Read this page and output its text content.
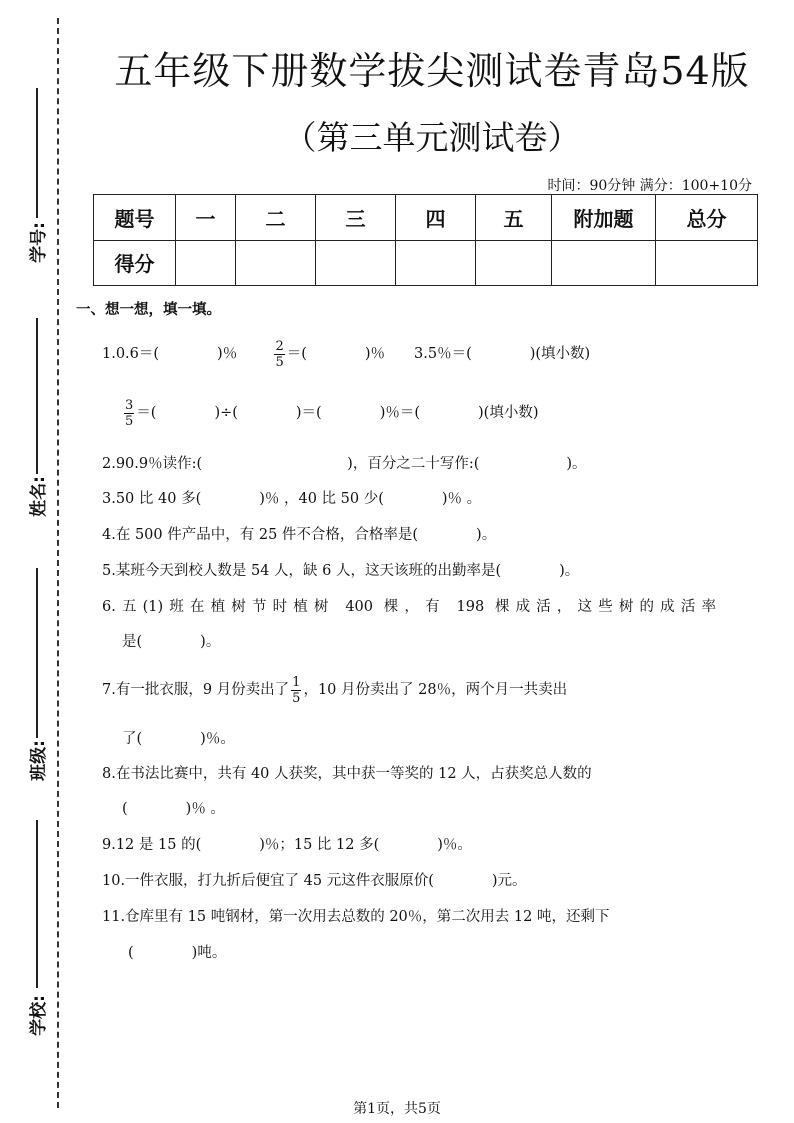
学号:
姓名:
班级:
学校:
五年级下册数学拔尖测试卷青岛54版
（第三单元测试卷）
时间：90分钟 满分：100+10分
题号	一	二	三	四	五	附加题	总分
得分							
一、想一想，填一填。
1.0.6＝(　　　　)％	$\frac{2}{5}$ ＝(　　　　)％　　3.5％＝(　　　　)(填小数)
$\frac{3}{5}$ ＝(　　　　)÷(　　　　)＝(　　　　)％＝(　　　　)(填小数)
2.90.9％读作:(　　　　　　　　　　)，百分之二十写作:(　　　　　　)。
3.50 比 40 多(　　　　)％ ，40 比 50 少(　　　　)％ 。
4.在 500 件产品中，有 25 件不合格，合格率是(　　　　)。
5.某班今天到校人数是 54 人，缺 6 人，这天该班的出勤率是(　　　　)。
6.五(1)班在植树节时植树 400 棵，有 198 棵成活，这些树的成活率
是(　　　　)。
7.有一批衣服，9 月份卖出了 $\frac{1}{5}$ ，10 月份卖出了 28％，两个月一共卖出
了(　　　　)％。
8.在书法比赛中，共有 40 人获奖，其中获一等奖的 12 人，占获奖总人数的
(　　　　)％ 。
9.12 是 15 的(　　　　)％；15 比 12 多(　　　　)％。
10.一件衣服，打九折后便宜了 45 元这件衣服原价(　　　　)元。
11.仓库里有 15 吨钢材，第一次用去总数的 20％，第二次用去 12 吨，还剩下
(　　　　)吨。
第1页，共5页
